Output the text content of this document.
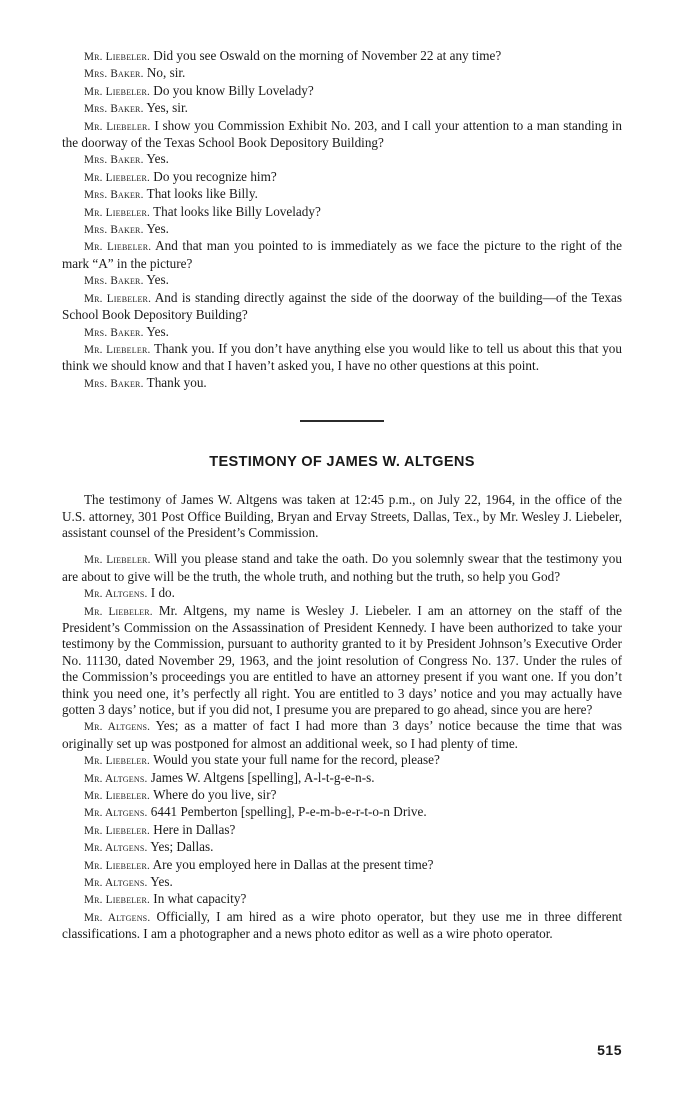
Mr. Liebeler. Did you see Oswald on the morning of November 22 at any time?

Mrs. Baker. No, sir.

Mr. Liebeler. Do you know Billy Lovelady?

Mrs. Baker. Yes, sir.

Mr. Liebeler. I show you Commission Exhibit No. 203, and I call your attention to a man standing in the doorway of the Texas School Book Depository Building?

Mrs. Baker. Yes.

Mr. Liebeler. Do you recognize him?

Mrs. Baker. That looks like Billy.

Mr. Liebeler. That looks like Billy Lovelady?

Mrs. Baker. Yes.

Mr. Liebeler. And that man you pointed to is immediately as we face the picture to the right of the mark “A” in the picture?

Mrs. Baker. Yes.

Mr. Liebeler. And is standing directly against the side of the doorway of the building—of the Texas School Book Depository Building?

Mrs. Baker. Yes.

Mr. Liebeler. Thank you. If you don’t have anything else you would like to tell us about this that you think we should know and that I haven’t asked you, I have no other questions at this point.

Mrs. Baker. Thank you.

TESTIMONY OF JAMES W. ALTGENS

The testimony of James W. Altgens was taken at 12:45 p.m., on July 22, 1964, in the office of the U.S. attorney, 301 Post Office Building, Bryan and Ervay Streets, Dallas, Tex., by Mr. Wesley J. Liebeler, assistant counsel of the President’s Commission.

Mr. Liebeler. Will you please stand and take the oath. Do you solemnly swear that the testimony you are about to give will be the truth, the whole truth, and nothing but the truth, so help you God?

Mr. Altgens. I do.

Mr. Liebeler. Mr. Altgens, my name is Wesley J. Liebeler. I am an attorney on the staff of the President’s Commission on the Assassination of President Kennedy. I have been authorized to take your testimony by the Commission, pursuant to authority granted to it by President Johnson’s Executive Order No. 11130, dated November 29, 1963, and the joint resolution of Congress No. 137. Under the rules of the Commission’s proceedings you are entitled to have an attorney present if you want one. If you don’t think you need one, it’s perfectly all right. You are entitled to 3 days’ notice and you may actually have gotten 3 days’ notice, but if you did not, I presume you are prepared to go ahead, since you are here?

Mr. Altgens. Yes; as a matter of fact I had more than 3 days’ notice because the time that was originally set up was postponed for almost an additional week, so I had plenty of time.

Mr. Liebeler. Would you state your full name for the record, please?

Mr. Altgens. James W. Altgens [spelling], A-l-t-g-e-n-s.

Mr. Liebeler. Where do you live, sir?

Mr. Altgens. 6441 Pemberton [spelling], P-e-m-b-e-r-t-o-n Drive.

Mr. Liebeler. Here in Dallas?

Mr. Altgens. Yes; Dallas.

Mr. Liebeler. Are you employed here in Dallas at the present time?

Mr. Altgens. Yes.

Mr. Liebeler. In what capacity?

Mr. Altgens. Officially, I am hired as a wire photo operator, but they use me in three different classifications. I am a photographer and a news photo editor as well as a wire photo operator.

515
